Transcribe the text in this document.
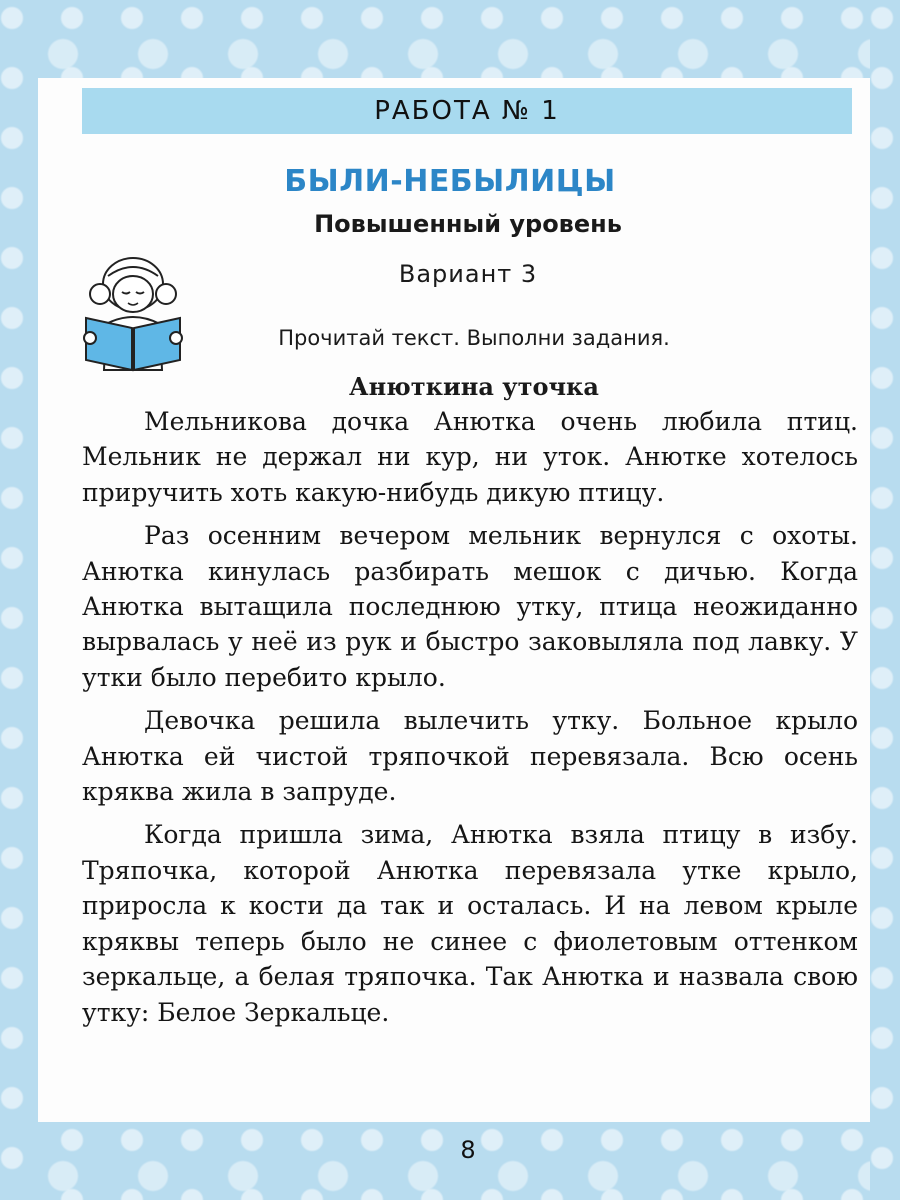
РАБОТА № 1
БЫЛИ-НЕБЫЛИЦЫ
Повышенный уровень
Вариант 3
Прочитай текст. Выполни задания.
Анюткина уточка

Мельникова дочка Анютка очень любила птиц. Мельник не держал ни кур, ни уток. Анютке хотелось приручить хоть какую-нибудь дикую птицу.

Раз осенним вечером мельник вернулся с охоты. Анютка кинулась разбирать мешок с дичью. Когда Анютка вытащила последнюю утку, птица неожиданно вырвалась у неё из рук и быстро заковыляла под лавку. У утки было перебито крыло.

Девочка решила вылечить утку. Больное крыло Анютка ей чистой тряпочкой перевязала. Всю осень кряква жила в запруде.

Когда пришла зима, Анютка взяла птицу в избу. Тряпочка, которой Анютка перевязала утке крыло, приросла к кости да так и осталась. И на левом крыле кряквы теперь было не синее с фиолетовым оттенком зеркальце, а белая тряпочка. Так Анютка и назвала свою утку: Белое Зеркальце.

8
